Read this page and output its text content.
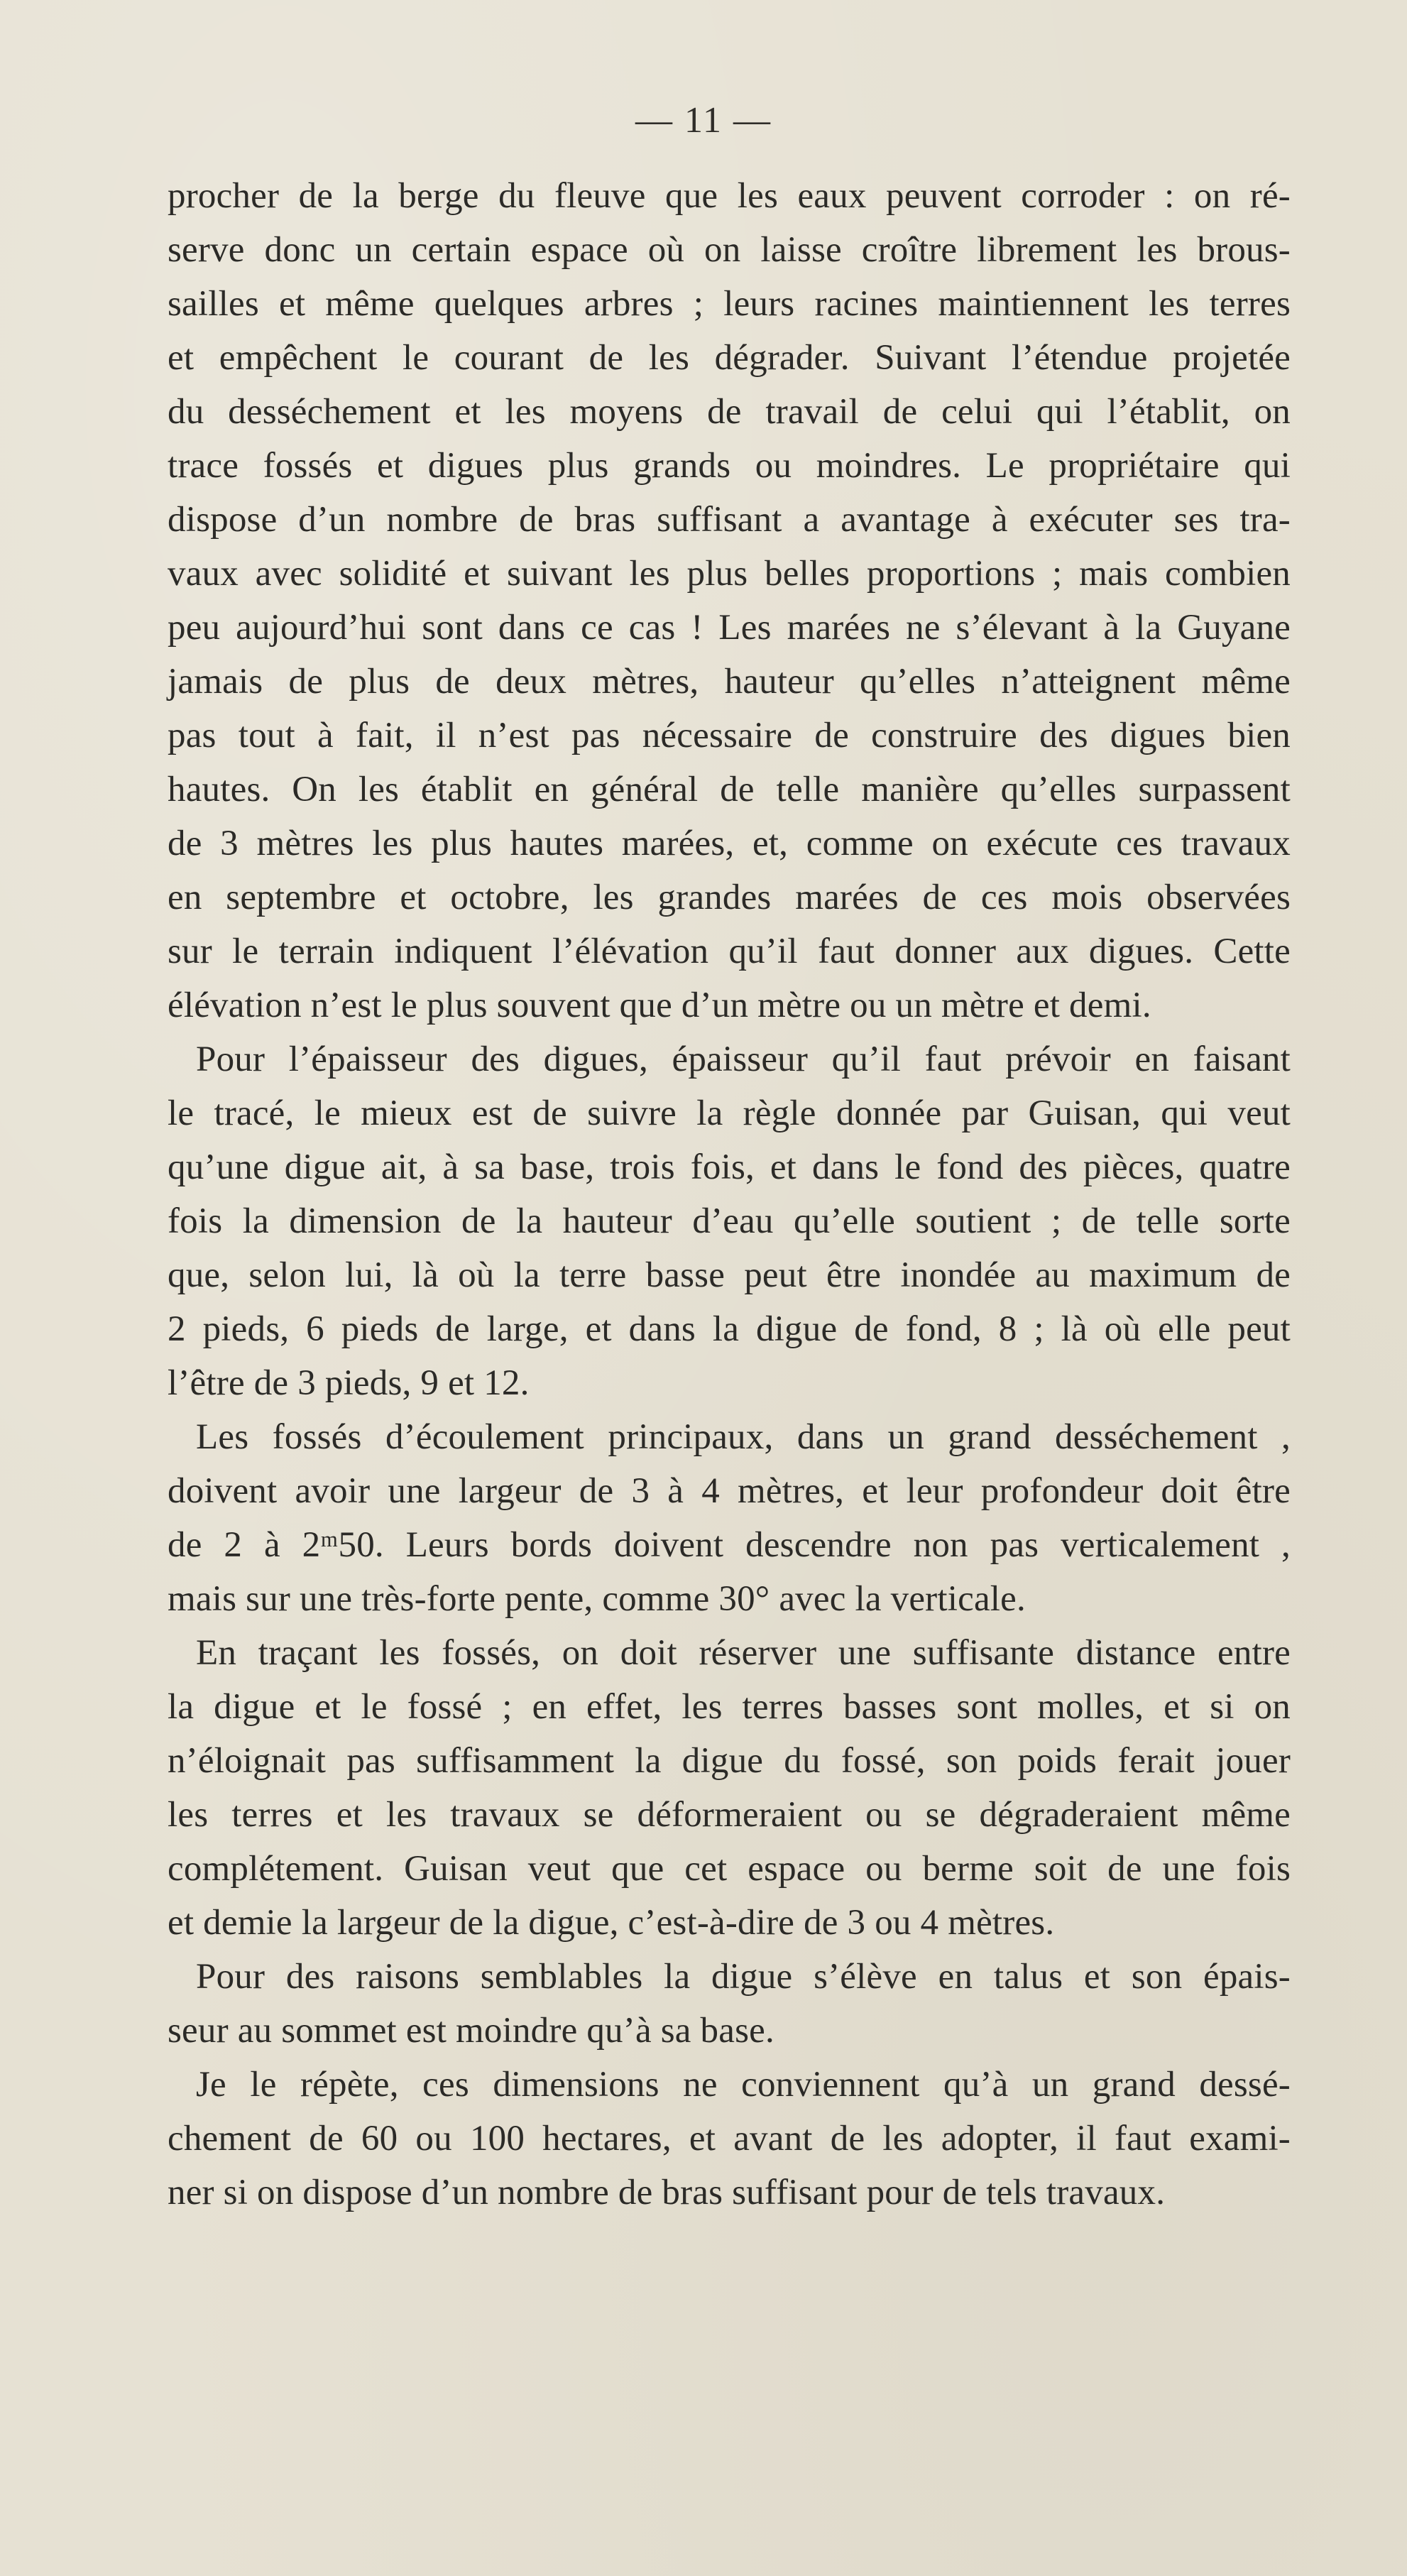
— 11 —
procher de la berge du fleuve que les eaux peuvent corroder : on ré-
serve donc un certain espace où on laisse croître librement les brous-
sailles et même quelques arbres ; leurs racines maintiennent les terres
et empêchent le courant de les dégrader. Suivant l’étendue projetée
du desséchement et les moyens de travail de celui qui l’établit, on
trace fossés et digues plus grands ou moindres. Le propriétaire qui
dispose d’un nombre de bras suffisant a avantage à exécuter ses tra-
vaux avec solidité et suivant les plus belles proportions ; mais combien
peu aujourd’hui sont dans ce cas ! Les marées ne s’élevant à la Guyane
jamais de plus de deux mètres, hauteur qu’elles n’atteignent même
pas tout à fait, il n’est pas nécessaire de construire des digues bien
hautes. On les établit en général de telle manière qu’elles surpassent
de 3 mètres les plus hautes marées, et, comme on exécute ces travaux
en septembre et octobre, les grandes marées de ces mois observées
sur le terrain indiquent l’élévation qu’il faut donner aux digues. Cette
élévation n’est le plus souvent que d’un mètre ou un mètre et demi.
Pour l’épaisseur des digues, épaisseur qu’il faut prévoir en faisant
le tracé, le mieux est de suivre la règle donnée par Guisan, qui veut
qu’une digue ait, à sa base, trois fois, et dans le fond des pièces, quatre
fois la dimension de la hauteur d’eau qu’elle soutient ; de telle sorte
que, selon lui, là où la terre basse peut être inondée au maximum de
2 pieds, 6 pieds de large, et dans la digue de fond, 8 ; là où elle peut
l’être de 3 pieds, 9 et 12.
Les fossés d’écoulement principaux, dans un grand desséchement ,
doivent avoir une largeur de 3 à 4 mètres, et leur profondeur doit être
de 2 à 2ᵐ50. Leurs bords doivent descendre non pas verticalement ,
mais sur une très-forte pente, comme 30° avec la verticale.
En traçant les fossés, on doit réserver une suffisante distance entre
la digue et le fossé ; en effet, les terres basses sont molles, et si on
n’éloignait pas suffisamment la digue du fossé, son poids ferait jouer
les terres et les travaux se déformeraient ou se dégraderaient même
complétement. Guisan veut que cet espace ou berme soit de une fois
et demie la largeur de la digue, c’est-à-dire de 3 ou 4 mètres.
Pour des raisons semblables la digue s’élève en talus et son épais-
seur au sommet est moindre qu’à sa base.
Je le répète, ces dimensions ne conviennent qu’à un grand dessé-
chement de 60 ou 100 hectares, et avant de les adopter, il faut exami-
ner si on dispose d’un nombre de bras suffisant pour de tels travaux.
